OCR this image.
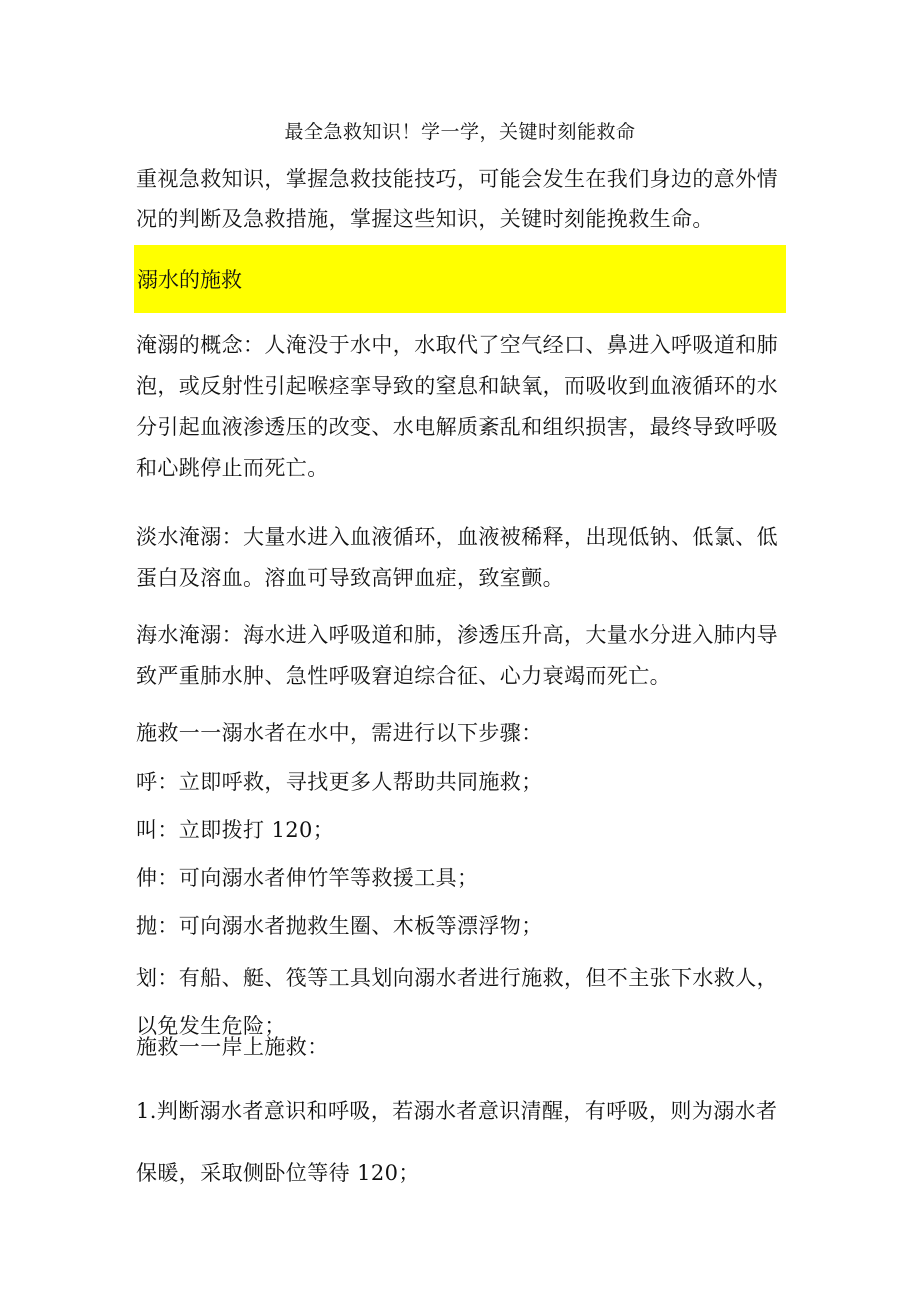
最全急救知识！学一学，关键时刻能救命
重视急救知识，掌握急救技能技巧，可能会发生在我们身边的意外情况的判断及急救措施，掌握这些知识，关键时刻能挽救生命。
溺水的施救
淹溺的概念：人淹没于水中，水取代了空气经口、鼻进入呼吸道和肺泡，或反射性引起喉痉挛导致的窒息和缺氧，而吸收到血液循环的水分引起血液渗透压的改变、水电解质紊乱和组织损害，最终导致呼吸和心跳停止而死亡。
淡水淹溺：大量水进入血液循环，血液被稀释，出现低钠、低氯、低蛋白及溶血。溶血可导致高钾血症，致室颤。
海水淹溺：海水进入呼吸道和肺，渗透压升高，大量水分进入肺内导致严重肺水肿、急性呼吸窘迫综合征、心力衰竭而死亡。
施救一一溺水者在水中，需进行以下步骤：
呼：立即呼救，寻找更多人帮助共同施救；
叫：立即拨打 120；
伸：可向溺水者伸竹竿等救援工具；
抛：可向溺水者抛救生圈、木板等漂浮物；
划：有船、艇、筏等工具划向溺水者进行施救，但不主张下水救人，以免发生危险；
施救一一岸上施救：
1.判断溺水者意识和呼吸，若溺水者意识清醒，有呼吸，则为溺水者保暖，采取侧卧位等待 120；
